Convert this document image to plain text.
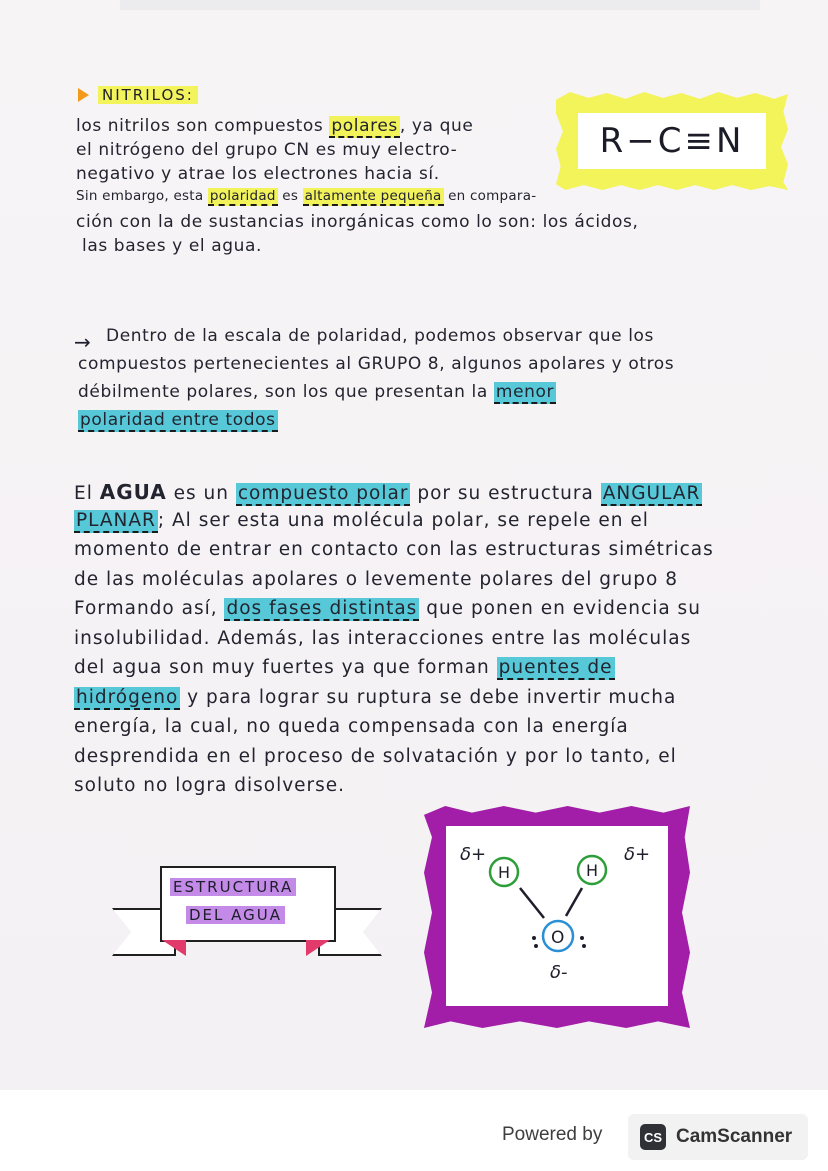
NITRILOS:
R−C≡N
los nitrilos son compuestos polares , ya que
el nitrógeno del grupo CN es muy electro-
negativo y atrae los electrones hacia sí.
Sin embargo, esta polaridad es altamente pequeña en compara-
ción con la de sustancias inorgánicas como lo son: los ácidos,
las bases y el agua.
→ Dentro de la escala de polaridad, podemos observar que los
compuestos pertenecientes al GRUPO 8, algunos apolares y otros
débilmente polares, son los que presentan la menor
polaridad entre todos
El AGUA es un compuesto polar por su estructura ANGULAR
PLANAR ; Al ser esta una molécula polar, se repele en el
momento de entrar en contacto con las estructuras simétricas
de las moléculas apolares o levemente polares del grupo 8
Formando así, dos fases distintas que ponen en evidencia su
insolubilidad. Además, las interacciones entre las moléculas
del agua son muy fuertes ya que forman puentes de
hidrógeno y para lograr su ruptura se debe invertir mucha
energía, la cual, no queda compensada con la energía
desprendida en el proceso de solvatación y por lo tanto, el
soluto no logra disolverse.
ESTRUCTURA
DEL AGUA
δ+	δ+
H	H
O
δ-
Powered by	CS CamScanner
